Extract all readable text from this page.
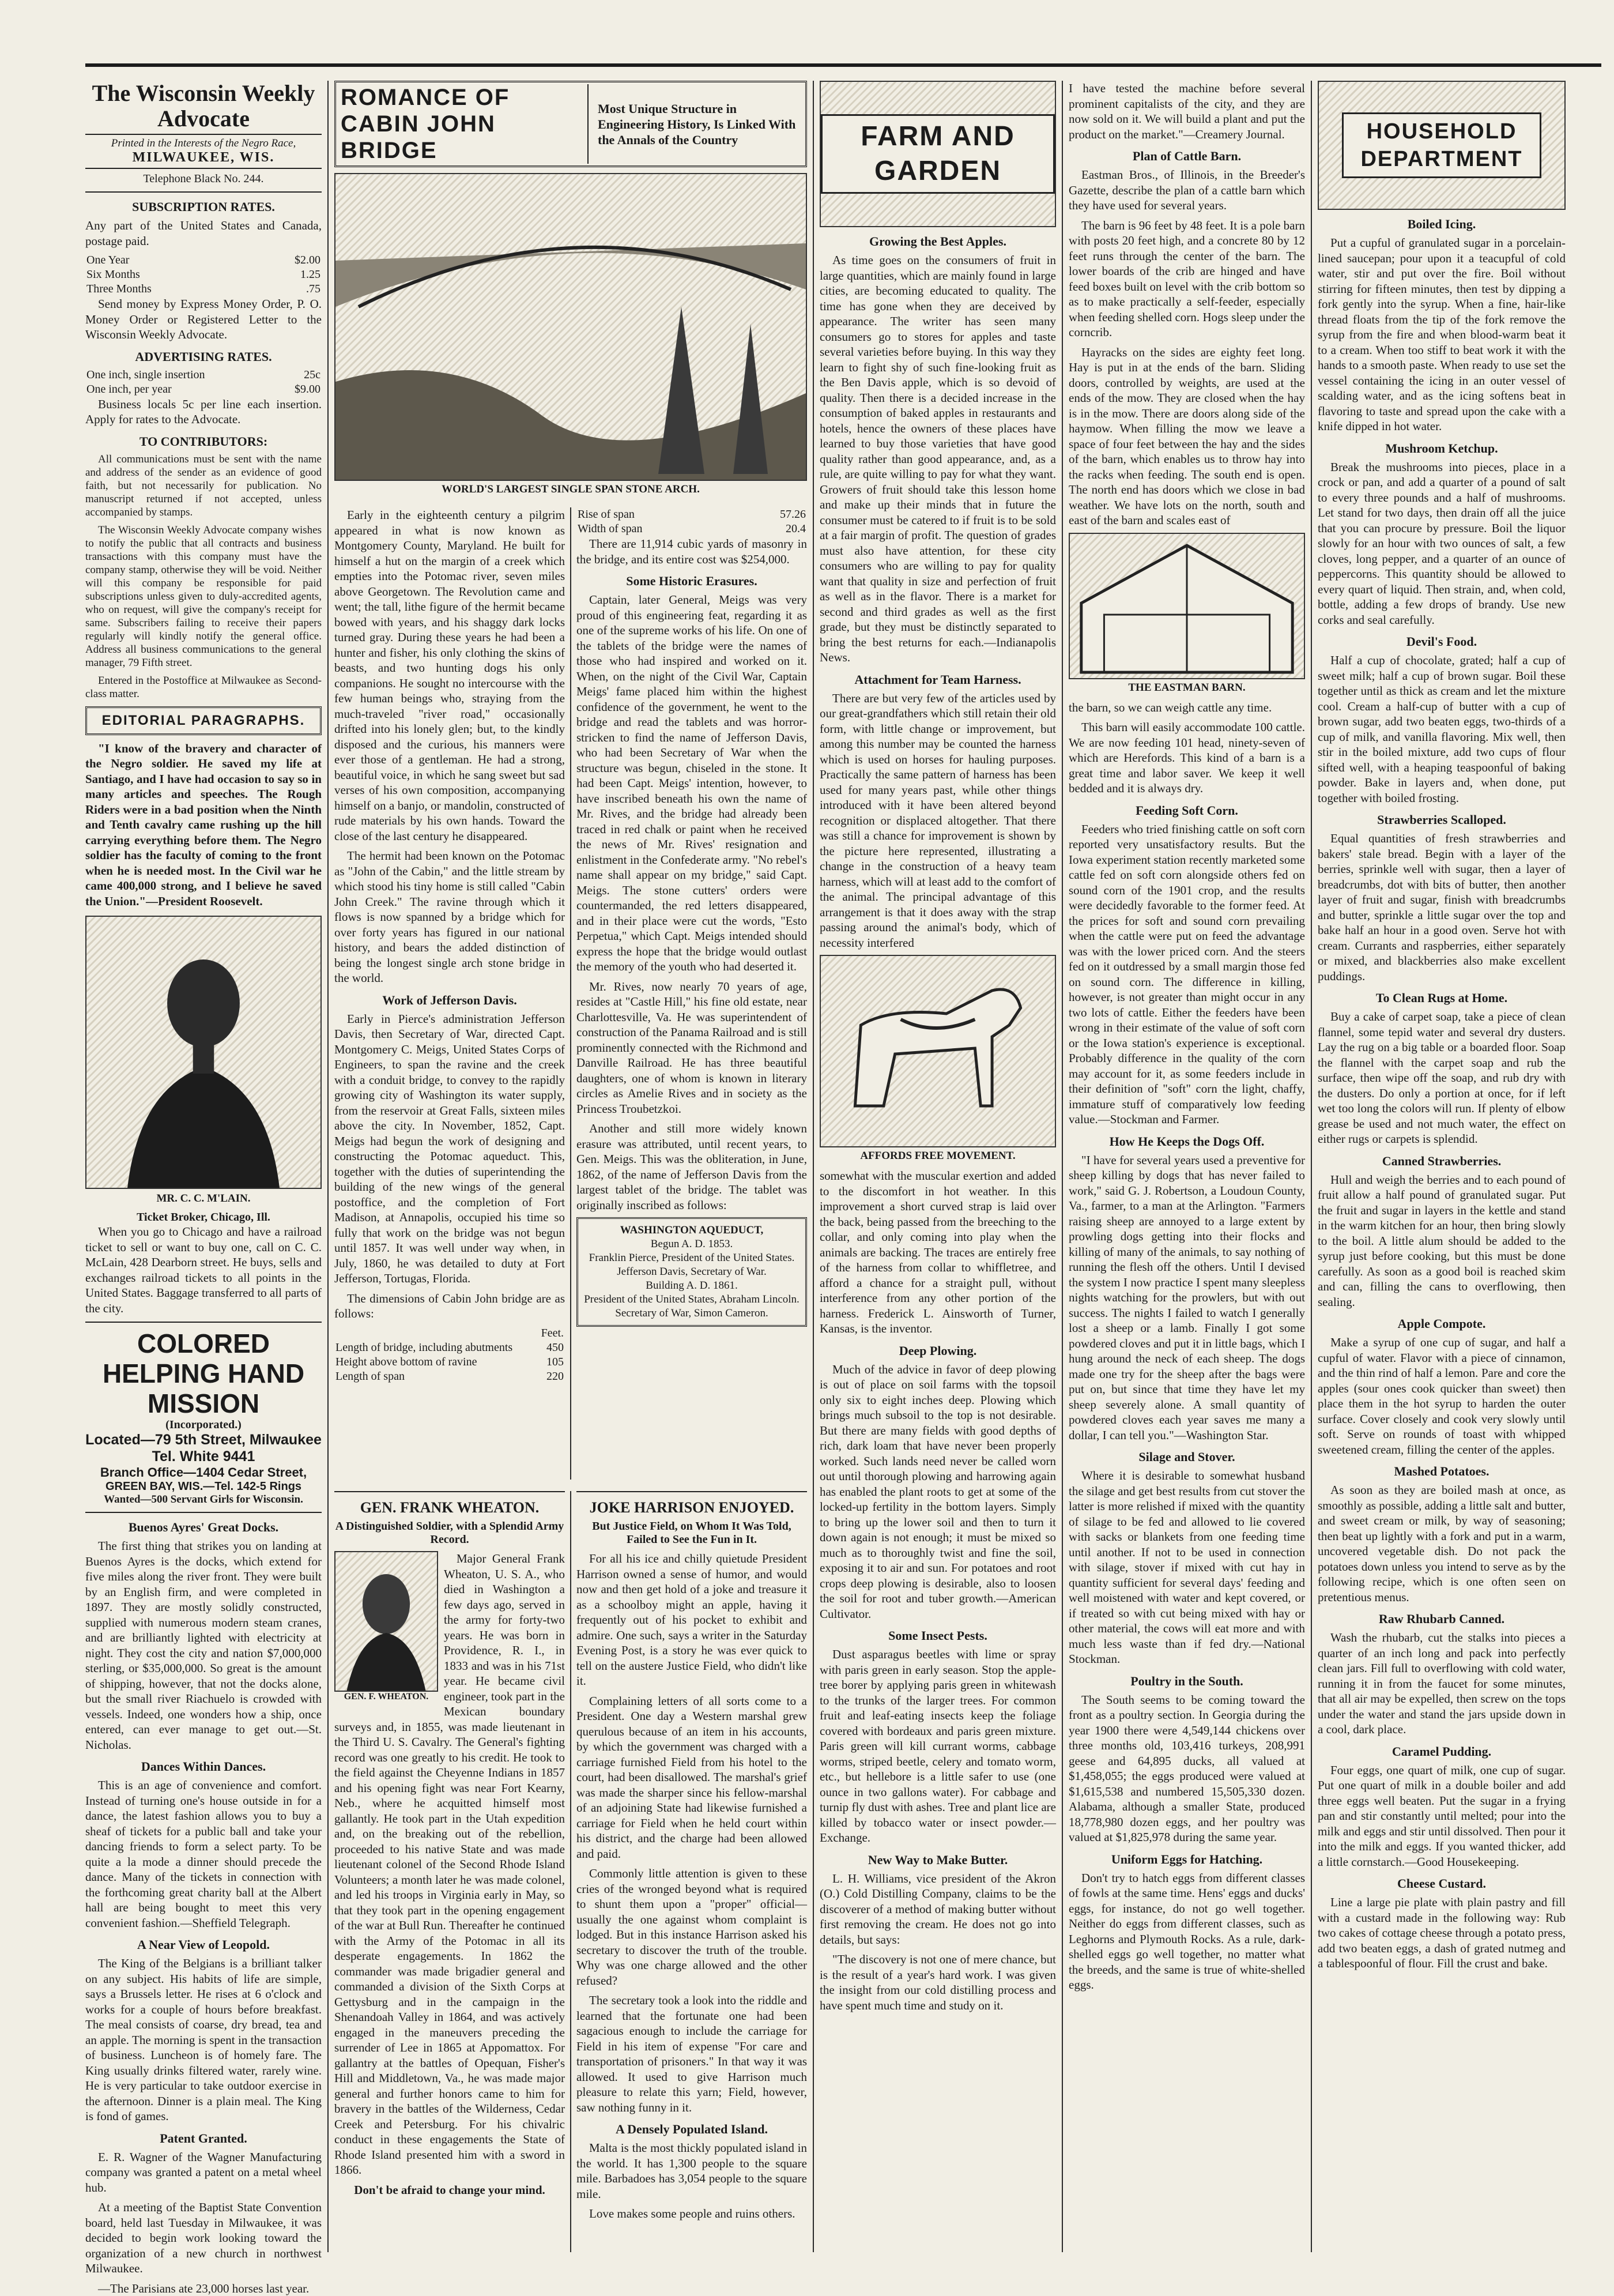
The Wisconsin Weekly Advocate
Printed in the Interests of the Negro Race,
MILWAUKEE, WIS.
Telephone Black No. 244.
SUBSCRIPTION RATES.

Any part of the United States and Canada, postage paid.

One Year	$2.00
Six Months	1.25
Three Months	.75

Send money by Express Money Order, P. O. Money Order or Registered Letter to the Wisconsin Weekly Advocate.

ADVERTISING RATES.
One inch, single insertion	25c
One inch, per year	$9.00

Business locals 5c per line each insertion. Apply for rates to the Advocate.

TO CONTRIBUTORS:

All communications must be sent with the name and address of the sender as an evidence of good faith, but not necessarily for publication. No manuscript returned if not accepted, unless accompanied by stamps.

The Wisconsin Weekly Advocate company wishes to notify the public that all contracts and business transactions with this company must have the company stamp, otherwise they will be void. Neither will this company be responsible for paid subscriptions unless given to duly-accredited agents, who on request, will give the company's receipt for same. Subscribers failing to receive their papers regularly will kindly notify the general office. Address all business communications to the general manager, 79 Fifth street.

Entered in the Postoffice at Milwaukee as Second-class matter.

EDITORIAL PARAGRAPHS.

"I know of the bravery and character of the Negro soldier. He saved my life at Santiago, and I have had occasion to say so in many articles and speeches. The Rough Riders were in a bad position when the Ninth and Tenth cavalry came rushing up the hill carrying everything before them. The Negro soldier has the faculty of coming to the front when he is needed most. In the Civil war he came 400,000 strong, and I believe he saved the Union."—President Roosevelt.

MR. C. C. M'LAIN.
Ticket Broker, Chicago, Ill.

When you go to Chicago and have a railroad ticket to sell or want to buy one, call on C. C. McLain, 428 Dearborn street. He buys, sells and exchanges railroad tickets to all points in the United States. Baggage transferred to all parts of the city.

COLORED HELPING HAND MISSION
(Incorporated.)
Located—79 5th Street, Milwaukee
Tel. White 9441
Branch Office—1404 Cedar Street,
GREEN BAY, WIS.—Tel. 142-5 Rings
Wanted—500 Servant Girls for Wisconsin.
Buenos Ayres' Great Docks.

The first thing that strikes you on landing at Buenos Ayres is the docks, which extend for five miles along the river front. They were built by an English firm, and were completed in 1897. They are mostly solidly constructed, supplied with numerous modern steam cranes, and are brilliantly lighted with electricity at night. They cost the city and nation $7,000,000 sterling, or $35,000,000. So great is the amount of shipping, however, that not the docks alone, but the small river Riachuelo is crowded with vessels. Indeed, one wonders how a ship, once entered, can ever manage to get out.—St. Nicholas.

Dances Within Dances.

This is an age of convenience and comfort. Instead of turning one's house outside in for a dance, the latest fashion allows you to buy a sheaf of tickets for a public ball and take your dancing friends to form a select party. To be quite a la mode a dinner should precede the dance. Many of the tickets in connection with the forthcoming great charity ball at the Albert hall are being bought to meet this very convenient fashion.—Sheffield Telegraph.

A Near View of Leopold.

The King of the Belgians is a brilliant talker on any subject. His habits of life are simple, says a Brussels letter. He rises at 6 o'clock and works for a couple of hours before breakfast. The meal consists of coarse, dry bread, tea and an apple. The morning is spent in the transaction of business. Luncheon is of homely fare. The King usually drinks filtered water, rarely wine. He is very particular to take outdoor exercise in the afternoon. Dinner is a plain meal. The King is fond of games.

Patent Granted.

E. R. Wagner of the Wagner Manufacturing company was granted a patent on a metal wheel hub.

At a meeting of the Baptist State Convention board, held last Tuesday in Milwaukee, it was decided to begin work looking toward the organization of a new church in northwest Milwaukee.

—The Parisians ate 23,000 horses last year.

ROMANCE OF CABIN JOHN BRIDGE
Most Unique Structure in Engineering History, Is Linked With the Annals of the Country
WORLD'S LARGEST SINGLE SPAN STONE ARCH.

Early in the eighteenth century a pilgrim appeared in what is now known as Montgomery County, Maryland. He built for himself a hut on the margin of a creek which empties into the Potomac river, seven miles above Georgetown. The Revolution came and went; the tall, lithe figure of the hermit became bowed with years, and his shaggy dark locks turned gray. During these years he had been a hunter and fisher, his only clothing the skins of beasts, and two hunting dogs his only companions. He sought no intercourse with the few human beings who, straying from the much-traveled "river road," occasionally drifted into his lonely glen; but, to the kindly disposed and the curious, his manners were ever those of a gentleman. He had a strong, beautiful voice, in which he sang sweet but sad verses of his own composition, accompanying himself on a banjo, or mandolin, constructed of rude materials by his own hands. Toward the close of the last century he disappeared.

The hermit had been known on the Potomac as "John of the Cabin," and the little stream by which stood his tiny home is still called "Cabin John Creek." The ravine through which it flows is now spanned by a bridge which for over forty years has figured in our national history, and bears the added distinction of being the longest single arch stone bridge in the world.

Work of Jefferson Davis.

Early in Pierce's administration Jefferson Davis, then Secretary of War, directed Capt. Montgomery C. Meigs, United States Corps of Engineers, to span the ravine and the creek with a conduit bridge, to convey to the rapidly growing city of Washington its water supply, from the reservoir at Great Falls, sixteen miles above the city. In November, 1852, Capt. Meigs had begun the work of designing and constructing the Potomac aqueduct. This, together with the duties of superintending the building of the new wings of the general postoffice, and the completion of Fort Madison, at Annapolis, occupied his time so fully that work on the bridge was not begun until 1857. It was well under way when, in July, 1860, he was detailed to duty at Fort Jefferson, Tortugas, Florida.

The dimensions of Cabin John bridge are as follows:

	Feet.
Length of bridge, including abutments	450
Height above bottom of ravine	105
Length of span	220
Rise of span	57.26
Width of span	20.4

There are 11,914 cubic yards of masonry in the bridge, and its entire cost was $254,000.

Some Historic Erasures.

Captain, later General, Meigs was very proud of this engineering feat, regarding it as one of the supreme works of his life. On one of the tablets of the bridge were the names of those who had inspired and worked on it. When, on the night of the Civil War, Captain Meigs' fame placed him within the highest confidence of the government, he went to the bridge and read the tablets and was horror-stricken to find the name of Jefferson Davis, who had been Secretary of War when the structure was begun, chiseled in the stone. It had been Capt. Meigs' intention, however, to have inscribed beneath his own the name of Mr. Rives, and the bridge had already been traced in red chalk or paint when he received the news of Mr. Rives' resignation and enlistment in the Confederate army. "No rebel's name shall appear on my bridge," said Capt. Meigs. The stone cutters' orders were countermanded, the red letters disappeared, and in their place were cut the words, "Esto Perpetua," which Capt. Meigs intended should express the hope that the bridge would outlast the memory of the youth who had deserted it.

Mr. Rives, now nearly 70 years of age, resides at "Castle Hill," his fine old estate, near Charlottesville, Va. He was superintendent of construction of the Panama Railroad and is still prominently connected with the Richmond and Danville Railroad. He has three beautiful daughters, one of whom is known in literary circles as Amelie Rives and in society as the Princess Troubetzkoi.

Another and still more widely known erasure was attributed, until recent years, to Gen. Meigs. This was the obliteration, in June, 1862, of the name of Jefferson Davis from the largest tablet of the bridge. The tablet was originally inscribed as follows:

WASHINGTON AQUEDUCT,
Begun A. D. 1853.
Franklin Pierce, President of the United States.
Jefferson Davis, Secretary of War.
Building A. D. 1861.
President of the United States, Abraham Lincoln.
Secretary of War, Simon Cameron.
GEN. FRANK WHEATON.
A Distinguished Soldier, with a Splendid Army Record.
GEN. F. WHEATON.

Major General Frank Wheaton, U. S. A., who died in Washington a few days ago, served in the army for forty-two years. He was born in Providence, R. I., in 1833 and was in his 71st year. He became civil engineer, took part in the Mexican boundary surveys and, in 1855, was made lieutenant in the Third U. S. Cavalry. The General's fighting record was one greatly to his credit. He took to the field against the Cheyenne Indians in 1857 and his opening fight was near Fort Kearny, Neb., where he acquitted himself most gallantly. He took part in the Utah expedition and, on the breaking out of the rebellion, proceeded to his native State and was made lieutenant colonel of the Second Rhode Island Volunteers; a month later he was made colonel, and led his troops in Virginia early in May, so that they took part in the opening engagement of the war at Bull Run. Thereafter he continued with the Army of the Potomac in all its desperate engagements. In 1862 the commander was made brigadier general and commanded a division of the Sixth Corps at Gettysburg and in the campaign in the Shenandoah Valley in 1864, and was actively engaged in the maneuvers preceding the surrender of Lee in 1865 at Appomattox. For gallantry at the battles of Opequan, Fisher's Hill and Middletown, Va., he was made major general and further honors came to him for bravery in the battles of the Wilderness, Cedar Creek and Petersburg. For his chivalric conduct in these engagements the State of Rhode Island presented him with a sword in 1866.

Don't be afraid to change your mind.

JOKE HARRISON ENJOYED.
But Justice Field, on Whom It Was Told, Failed to See the Fun in It.

For all his ice and chilly quietude President Harrison owned a sense of humor, and would now and then get hold of a joke and treasure it as a schoolboy might an apple, having it frequently out of his pocket to exhibit and admire. One such, says a writer in the Saturday Evening Post, is a story he was ever quick to tell on the austere Justice Field, who didn't like it.

Complaining letters of all sorts come to a President. One day a Western marshal grew querulous because of an item in his accounts, by which the government was charged with a carriage furnished Field from his hotel to the court, had been disallowed. The marshal's grief was made the sharper since his fellow-marshal of an adjoining State had likewise furnished a carriage for Field when he held court within his district, and the charge had been allowed and paid.

Commonly little attention is given to these cries of the wronged beyond what is required to shunt them upon a "proper" official—usually the one against whom complaint is lodged. But in this instance Harrison asked his secretary to discover the truth of the trouble. Why was one charge allowed and the other refused?

The secretary took a look into the riddle and learned that the fortunate one had been sagacious enough to include the carriage for Field in his item of expense "For care and transportation of prisoners." In that way it was allowed. It used to give Harrison much pleasure to relate this yarn; Field, however, saw nothing funny in it.

A Densely Populated Island.

Malta is the most thickly populated island in the world. It has 1,300 people to the square mile. Barbadoes has 3,054 people to the square mile.

Love makes some people and ruins others.

FARM AND GARDEN
Growing the Best Apples.

As time goes on the consumers of fruit in large quantities, which are mainly found in large cities, are becoming educated to quality. The time has gone when they are deceived by appearance. The writer has seen many consumers go to stores for apples and taste several varieties before buying. In this way they learn to fight shy of such fine-looking fruit as the Ben Davis apple, which is so devoid of quality. Then there is a decided increase in the consumption of baked apples in restaurants and hotels, hence the owners of these places have learned to buy those varieties that have good quality rather than good appearance, and, as a rule, are quite willing to pay for what they want. Growers of fruit should take this lesson home and make up their minds that in future the consumer must be catered to if fruit is to be sold at a fair margin of profit. The question of grades must also have attention, for these city consumers who are willing to pay for quality want that quality in size and perfection of fruit as well as in the flavor. There is a market for second and third grades as well as the first grade, but they must be distinctly separated to bring the best returns for each.—Indianapolis News.

Attachment for Team Harness.

There are but very few of the articles used by our great-grandfathers which still retain their old form, with little change or improvement, but among this number may be counted the harness which is used on horses for hauling purposes. Practically the same pattern of harness has been used for many years past, while other things introduced with it have been altered beyond recognition or displaced altogether. That there was still a chance for improvement is shown by the picture here represented, illustrating a change in the construction of a heavy team harness, which will at least add to the comfort of the animal. The principal advantage of this arrangement is that it does away with the strap passing around the animal's body, which of necessity interfered

AFFORDS FREE MOVEMENT.

somewhat with the muscular exertion and added to the discomfort in hot weather. In this improvement a short curved strap is laid over the back, being passed from the breeching to the collar, and only coming into play when the animals are backing. The traces are entirely free of the harness from collar to whiffletree, and afford a chance for a straight pull, without interference from any other portion of the harness. Frederick L. Ainsworth of Turner, Kansas, is the inventor.

Deep Plowing.

Much of the advice in favor of deep plowing is out of place on soil farms with the topsoil only six to eight inches deep. Plowing which brings much subsoil to the top is not desirable. But there are many fields with good depths of rich, dark loam that have never been properly worked. Such lands need never be called worn out until thorough plowing and harrowing again has enabled the plant roots to get at some of the locked-up fertility in the bottom layers. Simply to bring up the lower soil and then to turn it down again is not enough; it must be mixed so much as to thoroughly twist and fine the soil, exposing it to air and sun. For potatoes and root crops deep plowing is desirable, also to loosen the soil for root and tuber growth.—American Cultivator.

Some Insect Pests.

Dust asparagus beetles with lime or spray with paris green in early season. Stop the apple-tree borer by applying paris green in whitewash to the trunks of the larger trees. For common fruit and leaf-eating insects keep the foliage covered with bordeaux and paris green mixture. Paris green will kill currant worms, cabbage worms, striped beetle, celery and tomato worm, etc., but hellebore is a little safer to use (one ounce in two gallons water). For cabbage and turnip fly dust with ashes. Tree and plant lice are killed by tobacco water or insect powder.—Exchange.

New Way to Make Butter.

L. H. Williams, vice president of the Akron (O.) Cold Distilling Company, claims to be the discoverer of a method of making butter without first removing the cream. He does not go into details, but says:

"The discovery is not one of mere chance, but is the result of a year's hard work. I was given the insight from our cold distilling process and have spent much time and study on it.

I have tested the machine before several prominent capitalists of the city, and they are now sold on it. We will build a plant and put the product on the market."—Creamery Journal.

Plan of Cattle Barn.

Eastman Bros., of Illinois, in the Breeder's Gazette, describe the plan of a cattle barn which they have used for several years.

The barn is 96 feet by 48 feet. It is a pole barn with posts 20 feet high, and a concrete 80 by 12 feet runs through the center of the barn. The lower boards of the crib are hinged and have feed boxes built on level with the crib bottom so as to make practically a self-feeder, especially when feeding shelled corn. Hogs sleep under the corncrib.

Hayracks on the sides are eighty feet long. Hay is put in at the ends of the barn. Sliding doors, controlled by weights, are used at the ends of the mow. They are closed when the hay is in the mow. There are doors along side of the haymow. When filling the mow we leave a space of four feet between the hay and the sides of the barn, which enables us to throw hay into the racks when feeding. The south end is open. The north end has doors which we close in bad weather. We have lots on the north, south and east of the barn and scales east of

THE EASTMAN BARN.

the barn, so we can weigh cattle any time.

This barn will easily accommodate 100 cattle. We are now feeding 101 head, ninety-seven of which are Herefords. This kind of a barn is a great time and labor saver. We keep it well bedded and it is always dry.

Feeding Soft Corn.

Feeders who tried finishing cattle on soft corn reported very unsatisfactory results. But the Iowa experiment station recently marketed some cattle fed on soft corn alongside others fed on sound corn of the 1901 crop, and the results were decidedly favorable to the former feed. At the prices for soft and sound corn prevailing when the cattle were put on feed the advantage was with the lower priced corn. And the steers fed on it outdressed by a small margin those fed on sound corn. The difference in killing, however, is not greater than might occur in any two lots of cattle. Either the feeders have been wrong in their estimate of the value of soft corn or the Iowa station's experience is exceptional. Probably difference in the quality of the corn may account for it, as some feeders include in their definition of "soft" corn the light, chaffy, immature stuff of comparatively low feeding value.—Stockman and Farmer.

How He Keeps the Dogs Off.

"I have for several years used a preventive for sheep killing by dogs that has never failed to work," said G. J. Robertson, a Loudoun County, Va., farmer, to a man at the Arlington. "Farmers raising sheep are annoyed to a large extent by prowling dogs getting into their flocks and killing of many of the animals, to say nothing of running the flesh off the others. Until I devised the system I now practice I spent many sleepless nights watching for the prowlers, but with out success. The nights I failed to watch I generally lost a sheep or a lamb. Finally I got some powdered cloves and put it in little bags, which I hung around the neck of each sheep. The dogs made one try for the sheep after the bags were put on, but since that time they have let my sheep severely alone. A small quantity of powdered cloves each year saves me many a dollar, I can tell you."—Washington Star.

Silage and Stover.

Where it is desirable to somewhat husband the silage and get best results from cut stover the latter is more relished if mixed with the quantity of silage to be fed and allowed to lie covered with sacks or blankets from one feeding time until another. If not to be used in connection with silage, stover if mixed with cut hay in quantity sufficient for several days' feeding and well moistened with water and kept covered, or if treated so with cut being mixed with hay or other material, the cows will eat more and with much less waste than if fed dry.—National Stockman.

Poultry in the South.

The South seems to be coming toward the front as a poultry section. In Georgia during the year 1900 there were 4,549,144 chickens over three months old, 103,416 turkeys, 208,991 geese and 64,895 ducks, all valued at $1,458,055; the eggs produced were valued at $1,615,538 and numbered 15,505,330 dozen. Alabama, although a smaller State, produced 18,778,980 dozen eggs, and her poultry was valued at $1,825,978 during the same year.

Uniform Eggs for Hatching.

Don't try to hatch eggs from different classes of fowls at the same time. Hens' eggs and ducks' eggs, for instance, do not go well together. Neither do eggs from different classes, such as Leghorns and Plymouth Rocks. As a rule, dark-shelled eggs go well together, no matter what the breeds, and the same is true of white-shelled eggs.

HOUSEHOLD DEPARTMENT
Boiled Icing.

Put a cupful of granulated sugar in a porcelain-lined saucepan; pour upon it a teacupful of cold water, stir and put over the fire. Boil without stirring for fifteen minutes, then test by dipping a fork gently into the syrup. When a fine, hair-like thread floats from the tip of the fork remove the syrup from the fire and when blood-warm beat it to a cream. When too stiff to beat work it with the hands to a smooth paste. When ready to use set the vessel containing the icing in an outer vessel of scalding water, and as the icing softens beat in flavoring to taste and spread upon the cake with a knife dipped in hot water.

Mushroom Ketchup.

Break the mushrooms into pieces, place in a crock or pan, and add a quarter of a pound of salt to every three pounds and a half of mushrooms. Let stand for two days, then drain off all the juice that you can procure by pressure. Boil the liquor slowly for an hour with two ounces of salt, a few cloves, long pepper, and a quarter of an ounce of peppercorns. This quantity should be allowed to every quart of liquid. Then strain, and, when cold, bottle, adding a few drops of brandy. Use new corks and seal carefully.

Devil's Food.

Half a cup of chocolate, grated; half a cup of sweet milk; half a cup of brown sugar. Boil these together until as thick as cream and let the mixture cool. Cream a half-cup of butter with a cup of brown sugar, add two beaten eggs, two-thirds of a cup of milk, and vanilla flavoring. Mix well, then stir in the boiled mixture, add two cups of flour sifted well, with a heaping teaspoonful of baking powder. Bake in layers and, when done, put together with boiled frosting.

Strawberries Scalloped.

Equal quantities of fresh strawberries and bakers' stale bread. Begin with a layer of the berries, sprinkle well with sugar, then a layer of breadcrumbs, dot with bits of butter, then another layer of fruit and sugar, finish with breadcrumbs and butter, sprinkle a little sugar over the top and bake half an hour in a good oven. Serve hot with cream. Currants and raspberries, either separately or mixed, and blackberries also make excellent puddings.

To Clean Rugs at Home.

Buy a cake of carpet soap, take a piece of clean flannel, some tepid water and several dry dusters. Lay the rug on a big table or a boarded floor. Soap the flannel with the carpet soap and rub the surface, then wipe off the soap, and rub dry with the dusters. Do only a portion at once, for if left wet too long the colors will run. If plenty of elbow grease be used and not much water, the effect on either rugs or carpets is splendid.

Canned Strawberries.

Hull and weigh the berries and to each pound of fruit allow a half pound of granulated sugar. Put the fruit and sugar in layers in the kettle and stand in the warm kitchen for an hour, then bring slowly to the boil. A little alum should be added to the syrup just before cooking, but this must be done carefully. As soon as a good boil is reached skim and can, filling the cans to overflowing, then sealing.

Apple Compote.

Make a syrup of one cup of sugar, and half a cupful of water. Flavor with a piece of cinnamon, and the thin rind of half a lemon. Pare and core the apples (sour ones cook quicker than sweet) then place them in the hot syrup to harden the outer surface. Cover closely and cook very slowly until soft. Serve on rounds of toast with whipped sweetened cream, filling the center of the apples.

Mashed Potatoes.

As soon as they are boiled mash at once, as smoothly as possible, adding a little salt and butter, and sweet cream or milk, by way of seasoning; then beat up lightly with a fork and put in a warm, uncovered vegetable dish. Do not pack the potatoes down unless you intend to serve as by the following recipe, which is one often seen on pretentious menus.

Raw Rhubarb Canned.

Wash the rhubarb, cut the stalks into pieces a quarter of an inch long and pack into perfectly clean jars. Fill full to overflowing with cold water, running it in from the faucet for some minutes, that all air may be expelled, then screw on the tops under the water and stand the jars upside down in a cool, dark place.

Caramel Pudding.

Four eggs, one quart of milk, one cup of sugar. Put one quart of milk in a double boiler and add three eggs well beaten. Put the sugar in a frying pan and stir constantly until melted; pour into the milk and eggs and stir until dissolved. Then pour it into the milk and eggs. If you wanted thicker, add a little cornstarch.—Good Housekeeping.

Cheese Custard.

Line a large pie plate with plain pastry and fill with a custard made in the following way: Rub two cakes of cottage cheese through a potato press, add two beaten eggs, a dash of grated nutmeg and a tablespoonful of flour. Fill the crust and bake.
